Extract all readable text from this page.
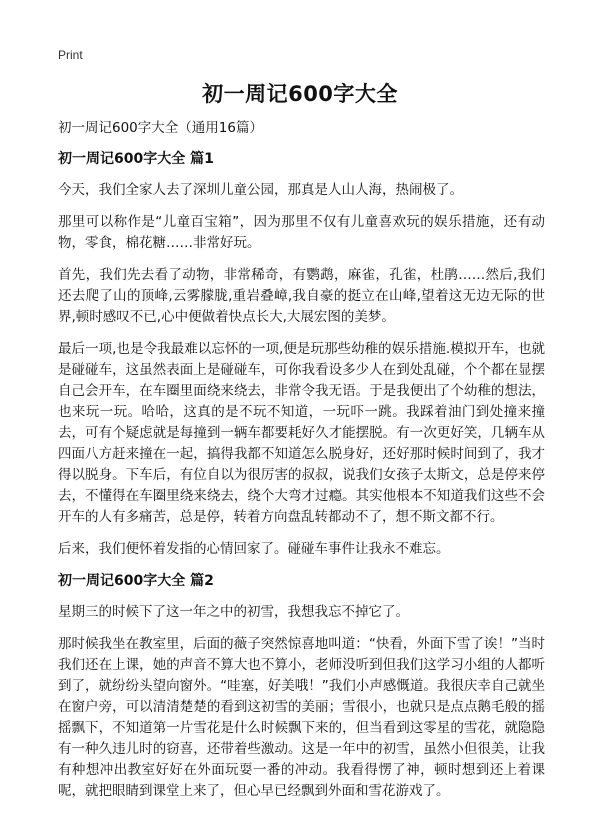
Print
初一周记600字大全

初一周记600字大全（通用16篇）

初一周记600字大全 篇1

今天，我们全家人去了深圳儿童公园，那真是人山人海，热闹极了。

那里可以称作是“儿童百宝箱”，因为那里不仅有儿童喜欢玩的娱乐措施，还有动物，零食，棉花糖……非常好玩。

首先，我们先去看了动物，非常稀奇，有鹦鹉，麻雀，孔雀，杜鹃……然后,我们还去爬了山的顶峰,云雾朦胧,重岩叠嶂,我自豪的挺立在山峰,望着这无边无际的世界,顿时感叹不已,心中便做着快点长大,大展宏图的美梦。

最后一项,也是令我最难以忘怀的一项,便是玩那些幼稚的娱乐措施.模拟开车，也就是碰碰车，这虽然表面上是碰碰车，可你我看设多少人在到处乱碰，个个都在显摆自己会开车，在车圈里面绕来绕去，非常令我无语。于是我便出了个幼稚的想法，也来玩一玩。哈哈，这真的是不玩不知道，一玩吓一跳。我踩着油门到处撞来撞去，可有个疑虑就是每撞到一辆车都要耗好久才能摆脱。有一次更好笑，几辆车从四面八方赶来撞在一起，搞得我都不知道怎么脱身好，还好那时候时间到了，我才得以脱身。下车后，有位自以为很厉害的叔叔，说我们女孩子太斯文，总是停来停去，不懂得在车圈里绕来绕去，绕个大弯才过瘾。其实他根本不知道我们这些不会开车的人有多痛苦，总是停，转着方向盘乱转都动不了，想不斯文都不行。

后来，我们便怀着发指的心情回家了。碰碰车事件让我永不难忘。

初一周记600字大全 篇2

星期三的时候下了这一年之中的初雪，我想我忘不掉它了。

那时候我坐在教室里，后面的薇子突然惊喜地叫道：“快看，外面下雪了诶！”当时我们还在上课，她的声音不算大也不算小，老师没听到但我们这学习小组的人都听到了，就纷纷头望向窗外。“哇塞，好美哦！”我们小声感慨道。我很庆幸自己就坐在窗户旁，可以清清楚楚的看到这初雪的美丽；雪很小，也就只是点点鹅毛般的摇摇飘下，不知道第一片雪花是什么时候飘下来的，但当看到这零星的雪花，就隐隐有一种久违儿时的窃喜，还带着些激动。这是一年中的初雪，虽然小但很美，让我有种想冲出教室好好在外面玩耍一番的冲动。我看得愣了神，顿时想到还上着课呢，就把眼睛到课堂上来了，但心早已经飘到外面和雪花游戏了。
